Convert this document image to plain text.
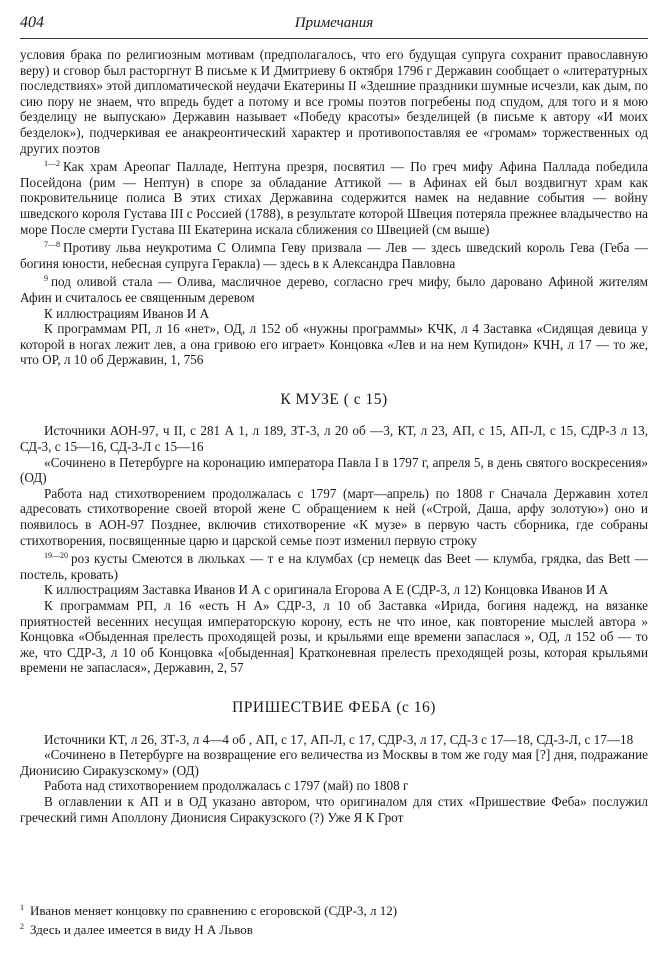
404	Примечания

условия брака по религиозным мотивам (предполагалось, что его будущая супруга сохранит православную веру) и сговор был расторгнут В письме к И Дмитриеву 6 октября 1796 г Державин сообщает о «литературных последствиях» этой дипломатической неудачи Екатерины II «Здешние праздники шумные исчезли, как дым, по сию пору не знаем, что впредь будет а потому и все громы поэтов погребены под спудом, для того и я мою безделицу не выпускаю» Державин называет «Победу красоты» безделицей (в письме к автору «И моих безделок»), подчеркивая ее анакреонтический характер и противопоставляя ее «громам» торжественных од других поэтов

$^{1—2}$ Как храм Ареопаг Палладе, Нептуна презря, посвятил — По греч мифу Афина Паллада победила Посейдона (рим — Нептун) в споре за обладание Аттикой — в Афинах ей был воздвигнут храм как покровительнице полиса В этих стихах Державина содержится намек на недавние события — войну шведского короля Густава III с Россией (1788), в результате которой Швеция потеряла прежнее владычество на море После смерти Густава III Екатерина искала сближения со Швецией (см выше)

$^{7—8}$ Противу льва неукротима С Олимпа Геву призвала — Лев — здесь шведский король Гева (Геба — богиня юности, небесная супруга Геракла) — здесь в к Александра Павловна

$^9$ под оливой стала — Олива, масличное дерево, согласно греч мифу, было даровано Афиной жителям Афин и считалось ее священным деревом

К иллюстрациям Иванов И А

К программам РП, л 16 «нет», ОД, л 152 об «нужны программы» КЧК, л 4 Заставка «Сидящая девица у которой в ногах лежит лев, а она гривою его играет» Концовка «Лев и на нем Купидон» КЧН, л 17 — то же, что ОР, л 10 об Державин, 1, 756

К МУЗЕ ( с 15)

Источники АОН-97, ч II, с 281 А 1, л 189, ЗТ-3, л 20 об —3, КТ, л 23, АП, с 15, АП-Л, с 15, СДР-3 л 13, СД-3, с 15—16, СД-3-Л с 15—16

«Сочинено в Петербурге на коронацию императора Павла I в 1797 г, апреля 5, в день святого воскресения» (ОД)

Работа над стихотворением продолжалась с 1797 (март—апрель) по 1808 г Сначала Державин хотел адресовать стихотворение своей второй жене С обращением к ней («Строй, Даша, арфу золотую») оно и появилось в АОН-97 Позднее, включив стихотворение «К музе» в первую часть сборника, где собраны стихотворения, посвященные царю и царской семье поэт изменил первую строку

$^{19—20}$ роз кусты Смеются в люльках — т е на клумбах (ср немецк das Beet — клумба, грядка, das Bett — постель, кровать)

К иллюстрациям Заставка Иванов И А с оригинала Егорова А Е (СДР-3, л 12) Концовка Иванов И А

К программам РП, л 16 «есть Н А» СДР-3, л 10 об Заставка «Ирида, богиня надежд, на вязанке приятностей весенних несущая императорскую корону, есть не что иное, как повторение мыслей автора » Концовка «Обыденная прелесть проходящей розы, и крыльями еще времени запаслася », ОД, л 152 об — то же, что СДР-3, л 10 об Концовка «[обыденная] Кратконевная прелесть преходящей розы, которая крыльями времени не запаслася», Державин, 2, 57

ПРИШЕСТВИЕ ФЕБА (с 16)

Источники КТ, л 26, ЗТ-3, л 4—4 об , АП, с 17, АП-Л, с 17, СДР-3, л 17, СД-3 с 17—18, СД-3-Л, с 17—18

«Сочинено в Петербурге на возвращение его величества из Москвы в том же году мая [?] дня, подражание Дионисию Сиракузскому» (ОД)

Работа над стихотворением продолжалась с 1797 (май) по 1808 г

В оглавлении к АП и в ОД указано автором, что оригиналом для стих «Пришествие Феба» послужил греческий гимн Аполлону Дионисия Сиракузского (?) Уже Я К Грот

$^1$ Иванов меняет концовку по сравнению с егоровской (СДР-3, л 12)

$^2$ Здесь и далее имеется в виду Н А Львов
